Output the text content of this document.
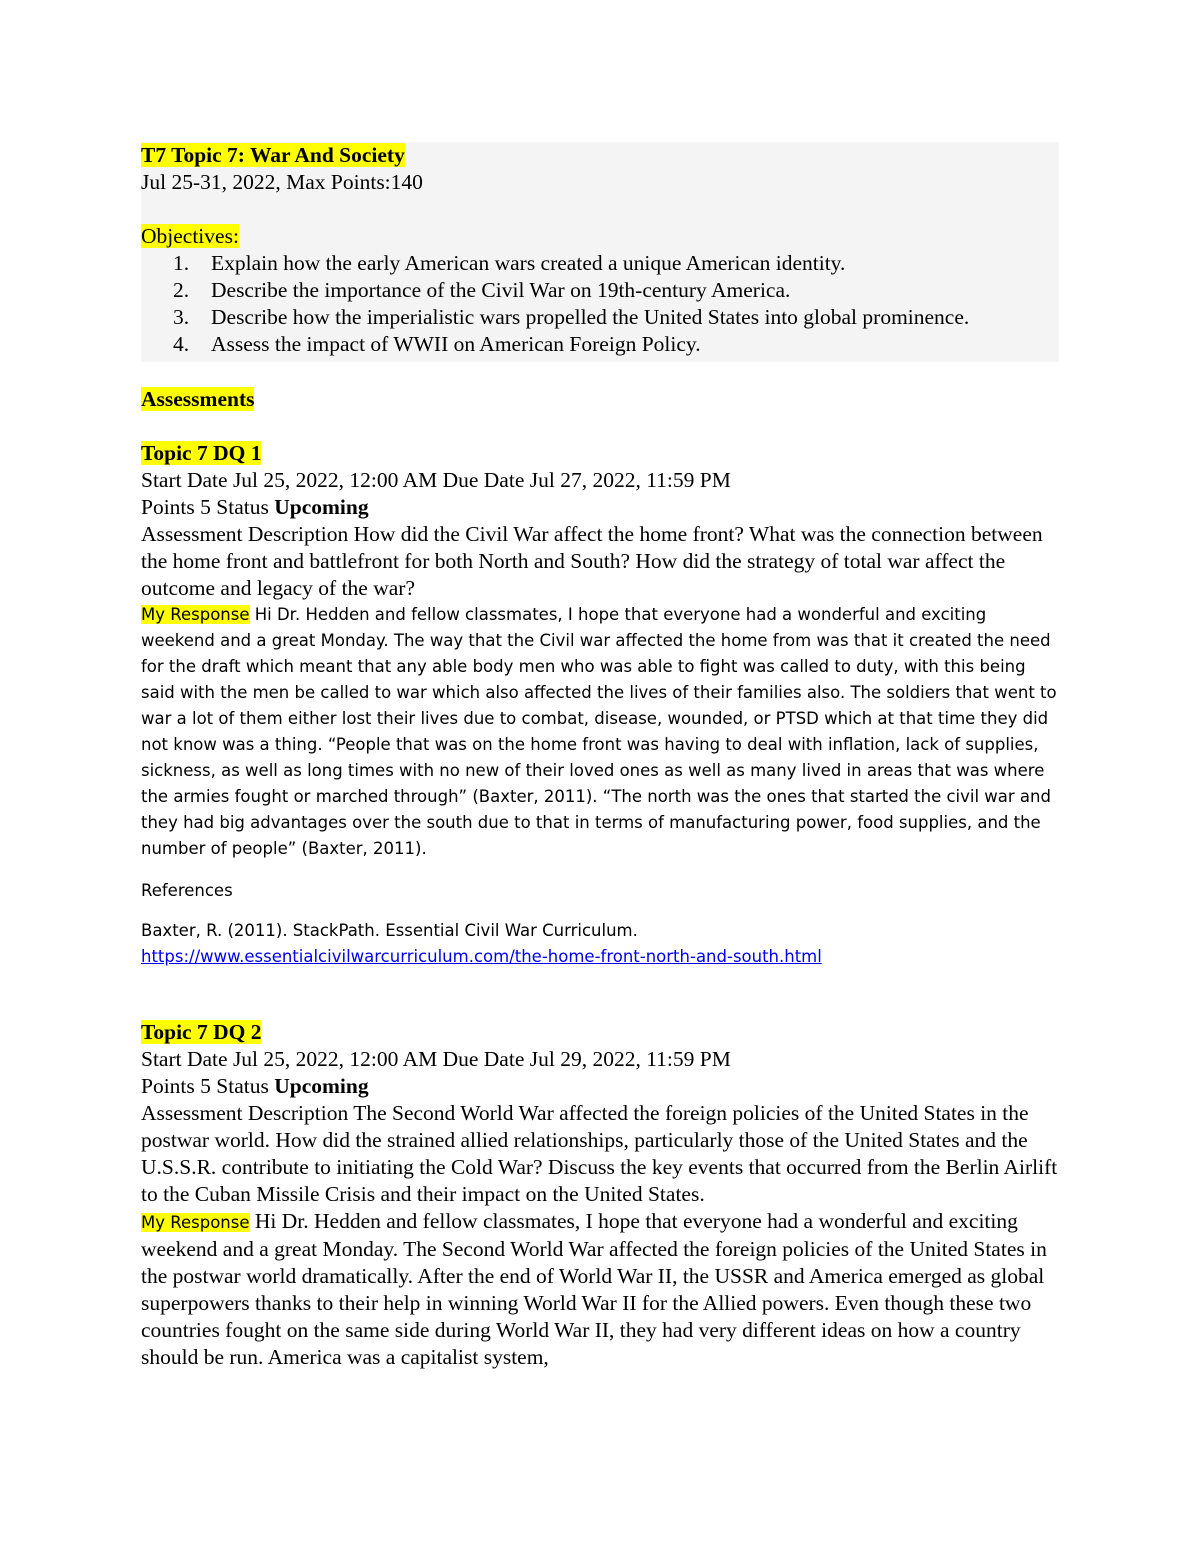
T7 Topic 7: War And Society
Jul 25-31, 2022, Max Points:140
Objectives:
1. Explain how the early American wars created a unique American identity.
2. Describe the importance of the Civil War on 19th-century America.
3. Describe how the imperialistic wars propelled the United States into global prominence.
4. Assess the impact of WWII on American Foreign Policy.
Assessments
Topic 7 DQ 1
Start Date Jul 25, 2022, 12:00 AM Due Date Jul 27, 2022, 11:59 PM
Points 5 Status Upcoming
Assessment Description How did the Civil War affect the home front? What was the connection between the home front and battlefront for both North and South? How did the strategy of total war affect the outcome and legacy of the war?

My Response Hi Dr. Hedden and fellow classmates, I hope that everyone had a wonderful and exciting weekend and a great Monday. The way that the Civil war affected the home from was that it created the need for the draft which meant that any able body men who was able to fight was called to duty, with this being said with the men be called to war which also affected the lives of their families also. The soldiers that went to war a lot of them either lost their lives due to combat, disease, wounded, or PTSD which at that time they did not know was a thing. “People that was on the home front was having to deal with inflation, lack of supplies, sickness, as well as long times with no new of their loved ones as well as many lived in areas that was where the armies fought or marched through” (Baxter, 2011). “The north was the ones that started the civil war and they had big advantages over the south due to that in terms of manufacturing power, food supplies, and the number of people” (Baxter, 2011).

References

Baxter, R. (2011). StackPath. Essential Civil War Curriculum.

https://www.essentialcivilwarcurriculum.com/the-home-front-north-and-south.html

Topic 7 DQ 2
Start Date Jul 25, 2022, 12:00 AM Due Date Jul 29, 2022, 11:59 PM
Points 5 Status Upcoming
Assessment Description The Second World War affected the foreign policies of the United States in the postwar world. How did the strained allied relationships, particularly those of the United States and the U.S.S.R. contribute to initiating the Cold War? Discuss the key events that occurred from the Berlin Airlift to the Cuban Missile Crisis and their impact on the United States.
My Response Hi Dr. Hedden and fellow classmates, I hope that everyone had a wonderful and exciting weekend and a great Monday. The Second World War affected the foreign policies of the United States in the postwar world dramatically. After the end of World War II, the USSR and America emerged as global superpowers thanks to their help in winning World War II for the Allied powers. Even though these two countries fought on the same side during World War II, they had very different ideas on how a country should be run. America was a capitalist system,
